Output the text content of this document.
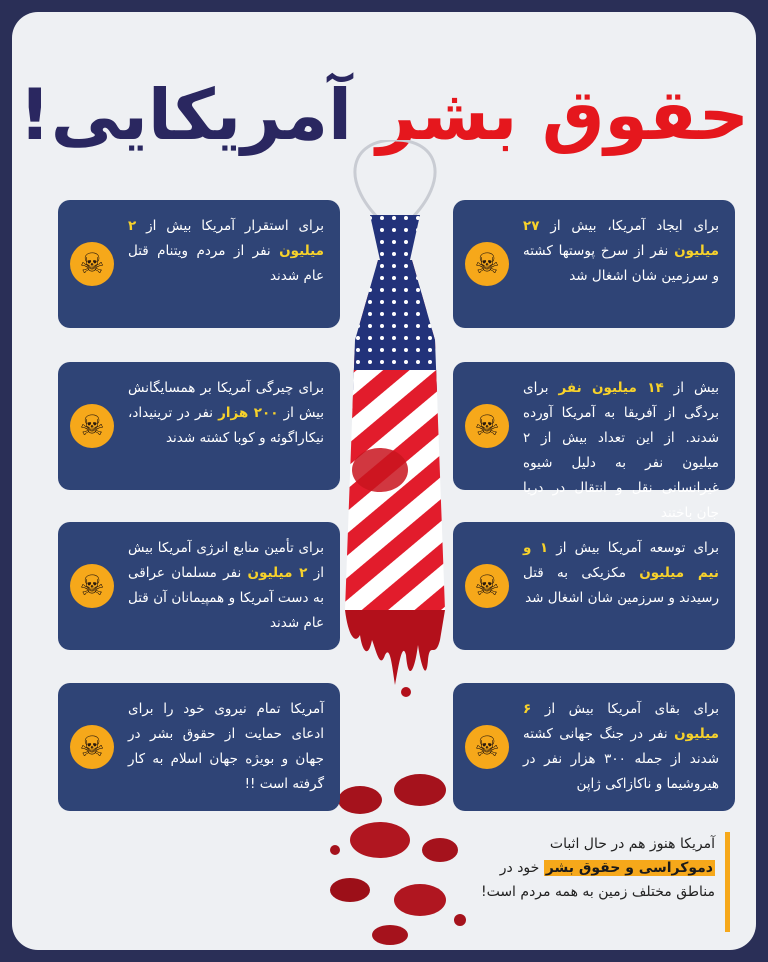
حقوق بشر آمریکایی!
برای ایجاد آمریکا، بیش از ۲۷ میلیون نفر از سرخ پوستها کشته و سرزمین شان اشغال شد
☠
بیش از ۱۴ میلیون نفر برای بردگی از آفریقا به آمریکا آورده شدند. از این تعداد بیش از ۲ میلیون نفر به دلیل شیوه غیرانسانی نقل و انتقال در دریا جان باختند
☠
برای توسعه آمریکا بیش از ۱ و نیم میلیون مکزیکی به قتل رسیدند و سرزمین شان اشغال شد
☠
برای بقای آمریکا بیش از ۶ میلیون نفر در جنگ جهانی کشته شدند از جمله ۳۰۰ هزار نفر در هیروشیما و ناکازاکی ژاپن
☠
برای استقرار آمریکا بیش از ۲ میلیون نفر از مردم ویتنام قتل عام شدند
☠
برای چیرگی آمریکا بر همسایگانش بیش از ۲۰۰ هزار نفر در ترینیداد، نیکاراگوئه و کوبا کشته شدند
☠
برای تأمین منابع انرژی آمریکا بیش از ۲ میلیون نفر مسلمان عراقی به دست آمریکا و همپیمانان آن قتل عام شدند
☠
آمریکا تمام نیروی خود را برای ادعای حمایت از حقوق بشر در جهان و بویژه جهان اسلام به کار گرفته است !!
☠
آمریکا هنوز هم در حال اثبات دموکراسی و حقوق بشر خود در مناطق مختلف زمین به همه مردم است!
